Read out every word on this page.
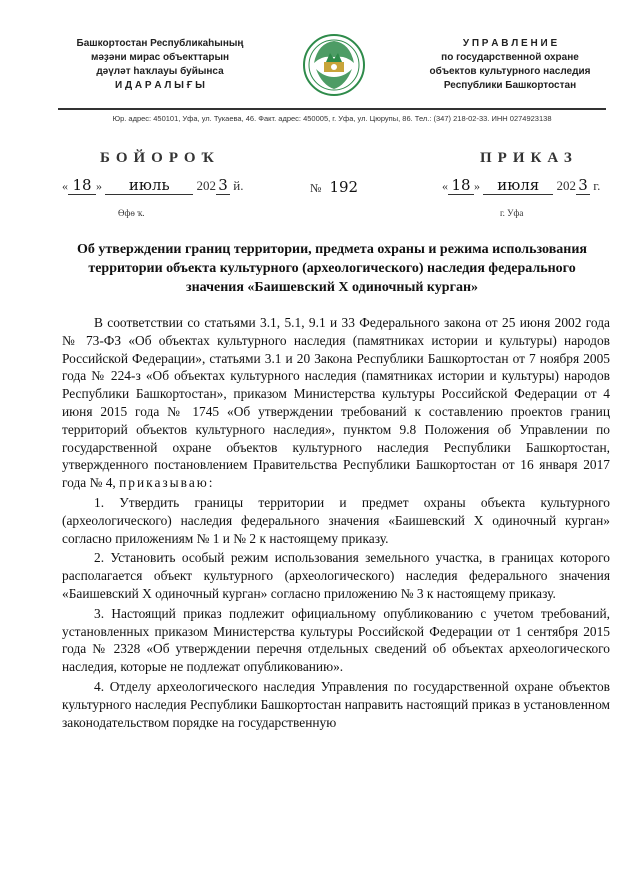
Башкортостан Республикаһының
мәҙәни мирас объекттарын
дәүләт һаҡлауы буйынса
И Д А Р А Л Ы Ғ Ы
У П Р А В Л Е Н И Е
по государственной охране
объектов культурного наследия
Республики Башкортостан
Юр. адрес: 450101, Уфа, ул. Тукаева, 46. Факт. адрес: 450005, г. Уфа, ул. Цюрупы, 86. Тел.: (347) 218-02-33. ИНН 0274923138
БОЙОРОҠ	ПРИКАЗ
« 18 » июль 202 3 й.	№ 192	« 18 » июля 202 3 г.
Өфө ҡ.	г. Уфа
Об утверждении границ территории, предмета охраны и режима использования территории объекта культурного (археологического) наследия федерального значения «Баишевский Х одиночный курган»

В соответствии со статьями 3.1, 5.1, 9.1 и 33 Федерального закона от 25 июня 2002 года № 73-ФЗ «Об объектах культурного наследия (памятниках истории и культуры) народов Российской Федерации», статьями 3.1 и 20 Закона Республики Башкортостан от 7 ноября 2005 года № 224-з «Об объектах культурного наследия (памятниках истории и культуры) народов Республики Башкортостан», приказом Министерства культуры Российской Федерации от 4 июня 2015 года № 1745 «Об утверждении требований к составлению проектов границ территорий объектов культурного наследия», пунктом 9.8 Положения об Управлении по государственной охране объектов культурного наследия Республики Башкортостан, утвержденного постановлением Правительства Республики Башкортостан от 16 января 2017 года № 4, приказываю:

1. Утвердить границы территории и предмет охраны объекта культурного (археологического) наследия федерального значения «Баишевский Х одиночный курган» согласно приложениям № 1 и № 2 к настоящему приказу.

2. Установить особый режим использования земельного участка, в границах которого располагается объект культурного (археологического) наследия федерального значения «Баишевский Х одиночный курган» согласно приложению № 3 к настоящему приказу.

3. Настоящий приказ подлежит официальному опубликованию с учетом требований, установленных приказом Министерства культуры Российской Федерации от 1 сентября 2015 года № 2328 «Об утверждении перечня отдельных сведений об объектах археологического наследия, которые не подлежат опубликованию».

4. Отделу археологического наследия Управления по государственной охране объектов культурного наследия Республики Башкортостан направить настоящий приказ в установленном законодательством порядке на государственную
